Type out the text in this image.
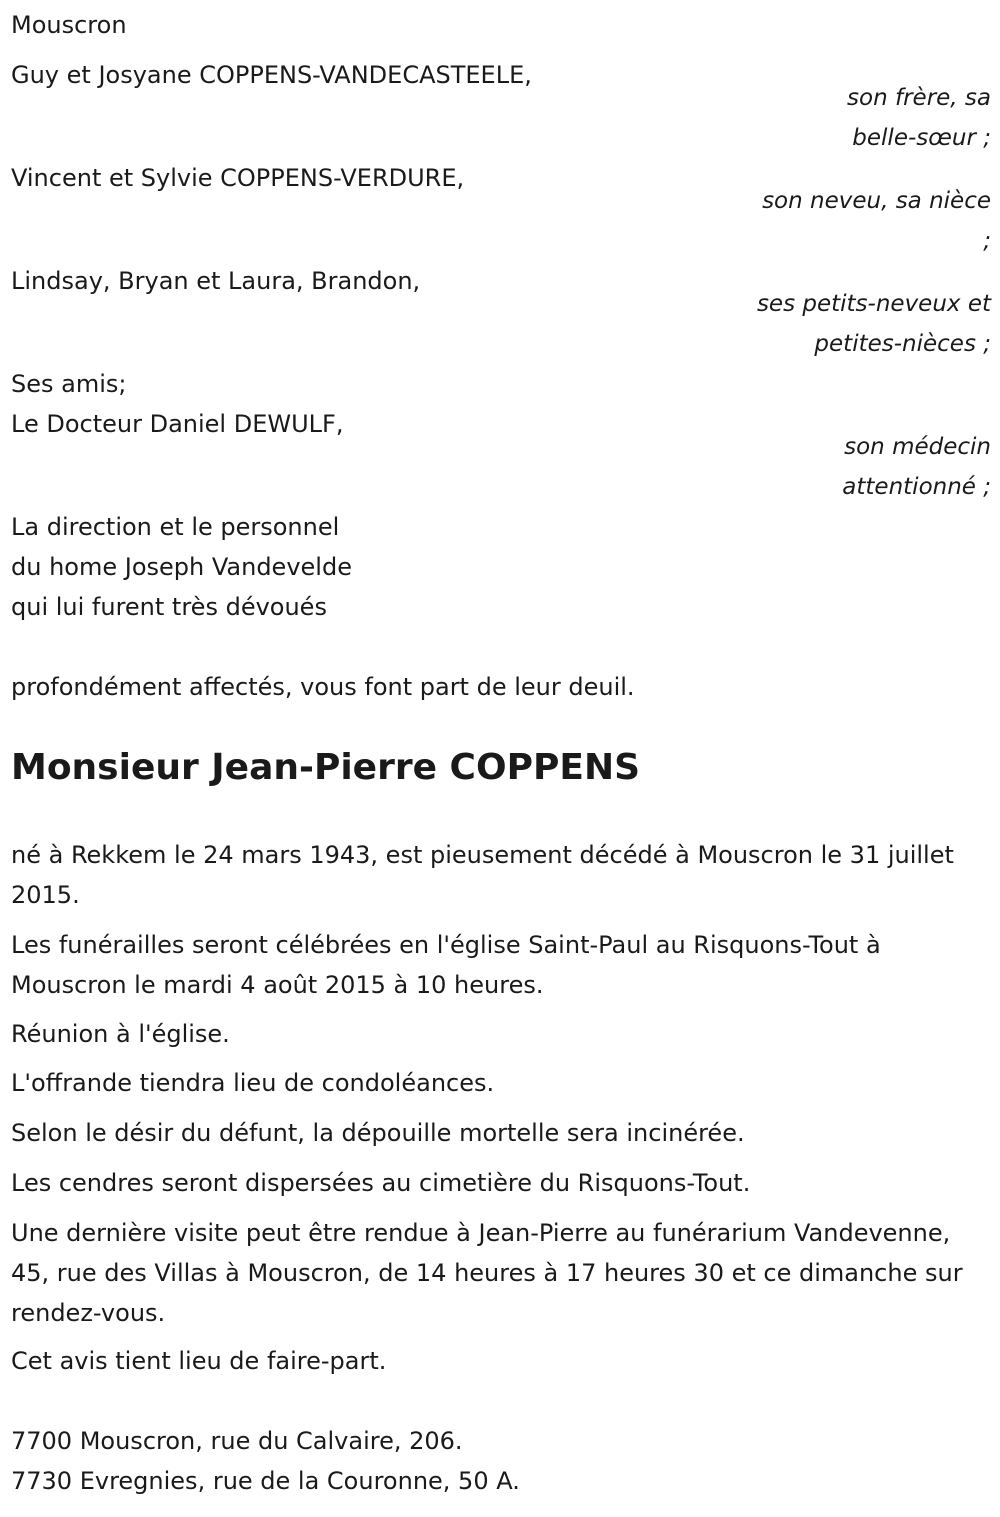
Mouscron
Guy et Josyane COPPENS-VANDECASTEELE,
son frère, sa
belle-sœur ;
Vincent et Sylvie COPPENS-VERDURE,
son neveu, sa nièce
;
Lindsay, Bryan et Laura, Brandon,
ses petits-neveux et
petites-nièces ;
Ses amis;
Le Docteur Daniel DEWULF,
son médecin
attentionné ;
La direction et le personnel
du home Joseph Vandevelde
qui lui furent très dévoués
profondément affectés, vous font part de leur deuil.
Monsieur Jean-Pierre COPPENS
né à Rekkem le 24 mars 1943, est pieusement décédé à Mouscron le 31 juillet 2015.
Les funérailles seront célébrées en l'église Saint-Paul au Risquons-Tout à Mouscron le mardi 4 août 2015 à 10 heures.
Réunion à l'église.
L'offrande tiendra lieu de condoléances.
Selon le désir du défunt, la dépouille mortelle sera incinérée.
Les cendres seront dispersées au cimetière du Risquons-Tout.
Une dernière visite peut être rendue à Jean-Pierre au funérarium Vandevenne, 45, rue des Villas à Mouscron, de 14 heures à 17 heures 30 et ce dimanche sur rendez-vous.
Cet avis tient lieu de faire-part.
7700 Mouscron, rue du Calvaire, 206.
7730 Evregnies, rue de la Couronne, 50 A.
